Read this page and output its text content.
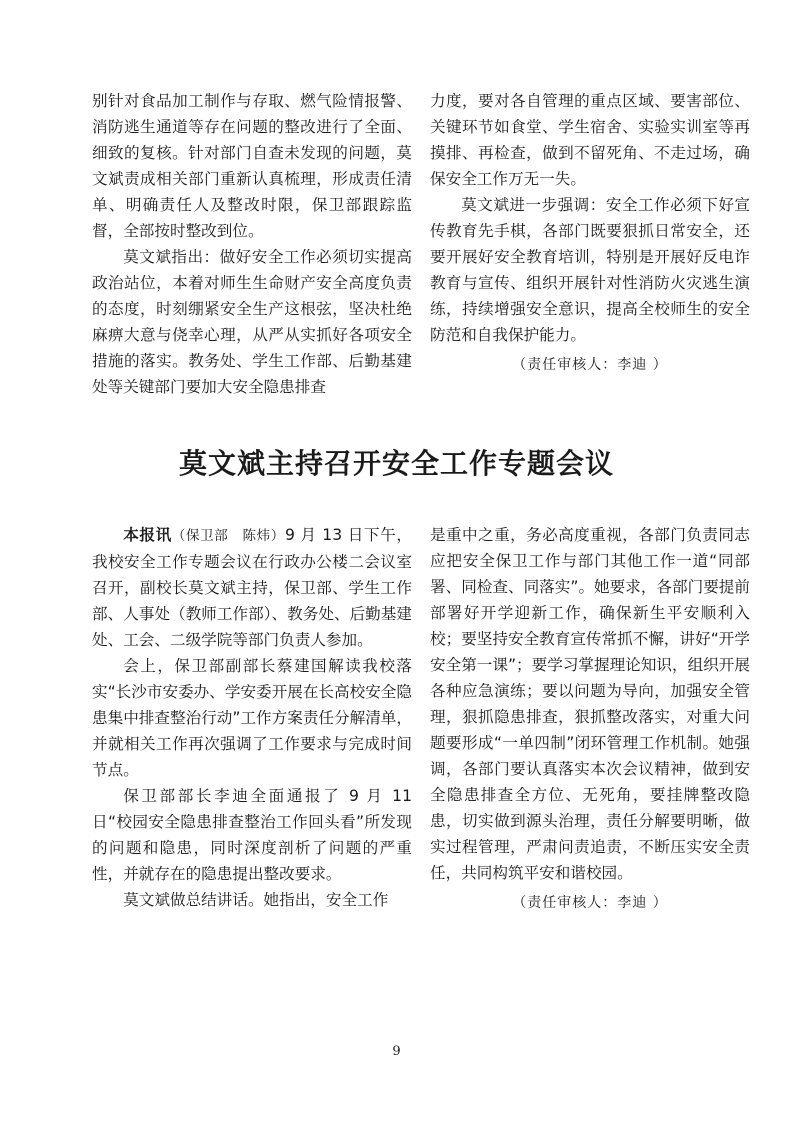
别针对食品加工制作与存取、燃气险情报警、消防逃生通道等存在问题的整改进行了全面、细致的复核。针对部门自查未发现的问题，莫文斌责成相关部门重新认真梳理，形成责任清单、明确责任人及整改时限，保卫部跟踪监督，全部按时整改到位。

莫文斌指出：做好安全工作必须切实提高政治站位，本着对师生生命财产安全高度负责的态度，时刻绷紧安全生产这根弦，坚决杜绝麻痹大意与侥幸心理，从严从实抓好各项安全措施的落实。教务处、学生工作部、后勤基建处等关键部门要加大安全隐患排查

力度，要对各自管理的重点区域、要害部位、关键环节如食堂、学生宿舍、实验实训室等再摸排、再检查，做到不留死角、不走过场，确保安全工作万无一失。

莫文斌进一步强调：安全工作必须下好宣传教育先手棋，各部门既要狠抓日常安全，还要开展好安全教育培训，特别是开展好反电诈教育与宣传、组织开展针对性消防火灾逃生演练，持续增强安全意识，提高全校师生的安全防范和自我保护能力。

（责任审核人：李迪 ）

莫文斌主持召开安全工作专题会议

本报讯（保卫部　陈炜）9 月 13 日下午，我校安全工作专题会议在行政办公楼二会议室召开，副校长莫文斌主持，保卫部、学生工作部、人事处（教师工作部）、教务处、后勤基建处、工会、二级学院等部门负责人参加。

会上，保卫部副部长蔡建国解读我校落实“长沙市安委办、学安委开展在长高校安全隐患集中排查整治行动”工作方案责任分解清单，并就相关工作再次强调了工作要求与完成时间节点。

保卫部部长李迪全面通报了 9 月 11 日“校园安全隐患排查整治工作回头看”所发现的问题和隐患，同时深度剖析了问题的严重性，并就存在的隐患提出整改要求。

莫文斌做总结讲话。她指出，安全工作

是重中之重，务必高度重视，各部门负责同志应把安全保卫工作与部门其他工作一道“同部署、同检查、同落实”。她要求，各部门要提前部署好开学迎新工作，确保新生平安顺利入校；要坚持安全教育宣传常抓不懈，讲好“开学安全第一课”；要学习掌握理论知识，组织开展各种应急演练；要以问题为导向，加强安全管理，狠抓隐患排查，狠抓整改落实，对重大问题要形成“一单四制”闭环管理工作机制。她强调，各部门要认真落实本次会议精神，做到安全隐患排查全方位、无死角，要挂牌整改隐患，切实做到源头治理，责任分解要明晰，做实过程管理，严肃问责追责，不断压实安全责任，共同构筑平安和谐校园。

（责任审核人：李迪 ）

9
